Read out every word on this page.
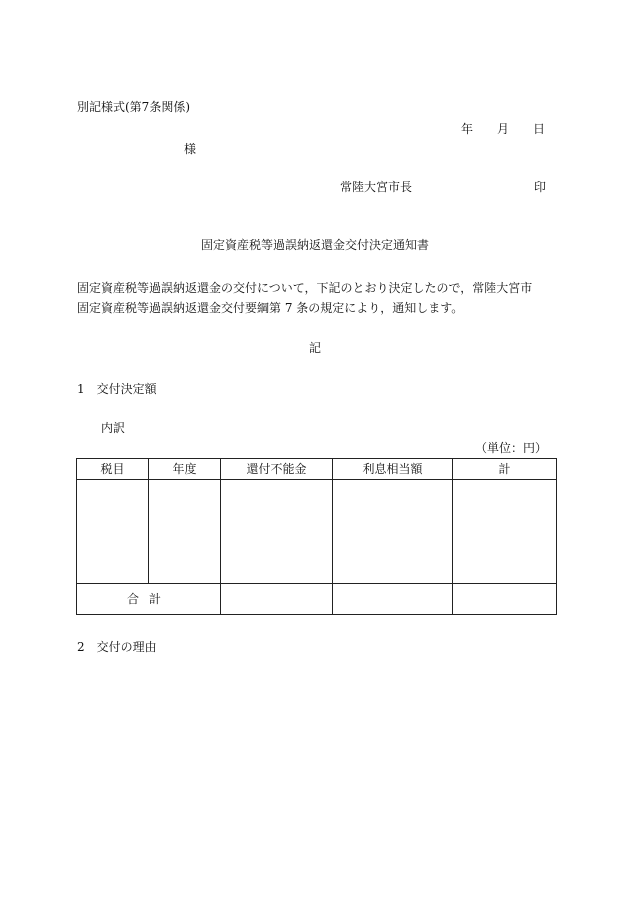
別記様式(第7条関係)
年 月 日
様
常陸大宮市長	印
固定資産税等過誤納返還金交付決定通知書
固定資産税等過誤納返還金の交付について，下記のとおり決定したので，常陸大宮市
固定資産税等過誤納返還金交付要綱第 7 条の規定により，通知します。
記
1　交付決定額
内訳
（単位：円）
税目	年度	還付不能金	利息相当額	計
合計
2　交付の理由
